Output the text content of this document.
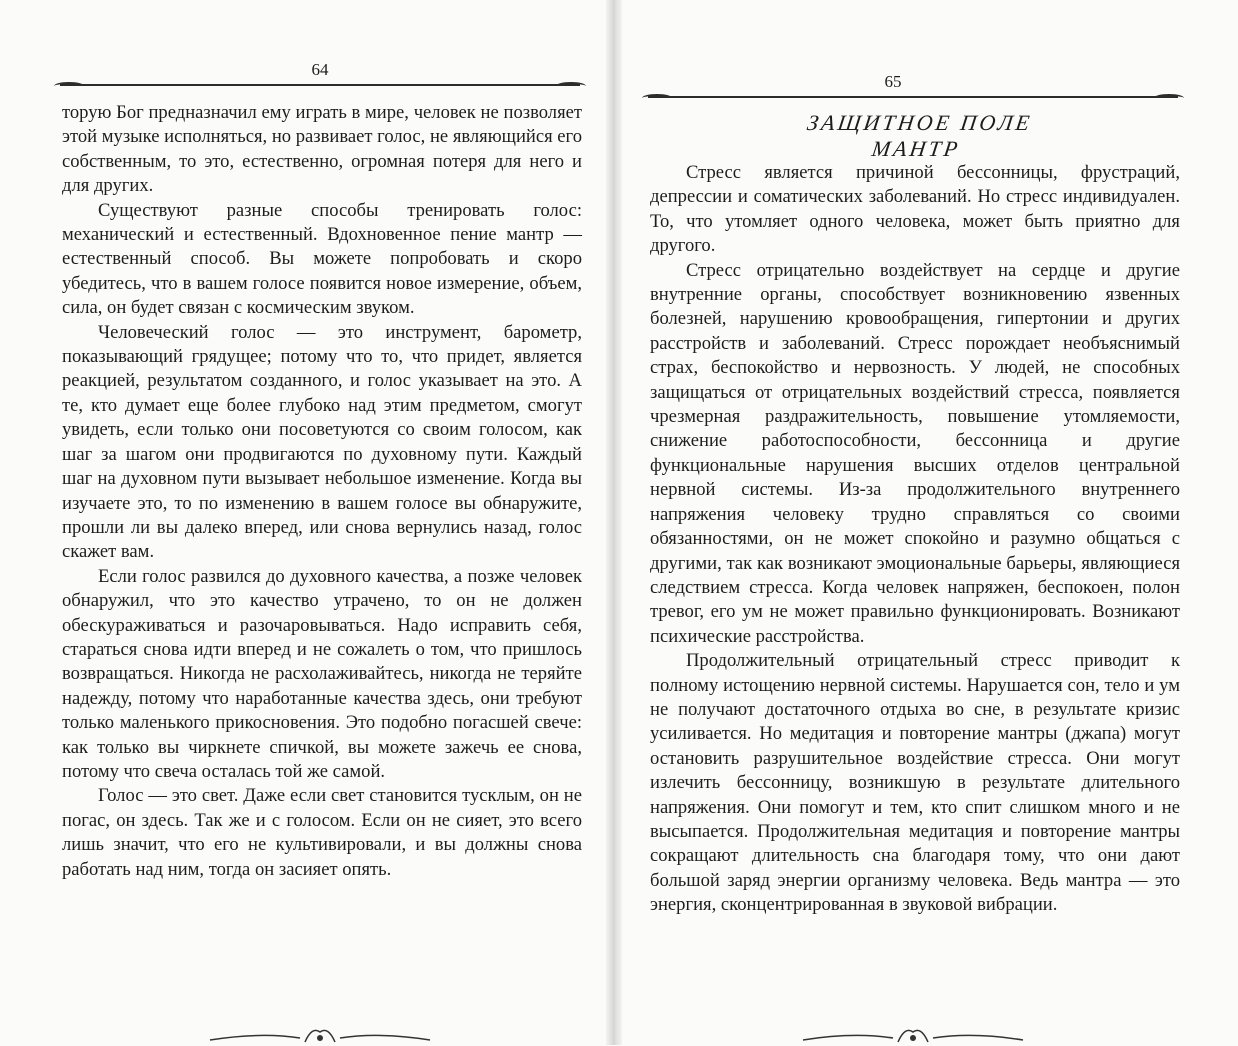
64

торую Бог предназначил ему играть в мире, человек не позволяет этой музыке исполняться, но развивает голос, не являющийся его собственным, то это, естественно, огромная потеря для него и для других.

Существуют разные способы тренировать голос: механический и естественный. Вдохновенное пение мантр — естественный способ. Вы можете попробовать и скоро убедитесь, что в вашем голосе появится новое измерение, объем, сила, он будет связан с космическим звуком.

Человеческий голос — это инструмент, барометр, показывающий грядущее; потому что то, что придет, является реакцией, результатом созданного, и голос указывает на это. А те, кто думает еще более глубоко над этим предметом, смогут увидеть, если только они посоветуются со своим голосом, как шаг за шагом они продвигаются по духовному пути. Каждый шаг на духовном пути вызывает небольшое изменение. Когда вы изучаете это, то по изменению в вашем голосе вы обнаружите, прошли ли вы далеко вперед, или снова вернулись назад, голос скажет вам.

Если голос развился до духовного качества, а позже человек обнаружил, что это качество утрачено, то он не должен обескураживаться и разочаровываться. Надо исправить себя, стараться снова идти вперед и не сожалеть о том, что пришлось возвращаться. Никогда не расхолаживайтесь, никогда не теряйте надежду, потому что наработанные качества здесь, они требуют только маленького прикосновения. Это подобно погасшей свече: как только вы чиркнете спичкой, вы можете зажечь ее снова, потому что свеча осталась той же самой.

Голос — это свет. Даже если свет становится тусклым, он не погас, он здесь. Так же и с голосом. Если он не сияет, это всего лишь значит, что его не культивировали, и вы должны снова работать над ним, тогда он засияет опять.

65
ЗАЩИТНОЕ ПОЛЕ МАНТР

Стресс является причиной бессонницы, фрустраций, депрессии и соматических заболеваний. Но стресс индивидуален. То, что утомляет одного человека, может быть приятно для другого.

Стресс отрицательно воздействует на сердце и другие внутренние органы, способствует возникновению язвенных болезней, нарушению кровообращения, гипертонии и других расстройств и заболеваний. Стресс порождает необъяснимый страх, беспокойство и нервозность. У людей, не способных защищаться от отрицательных воздействий стресса, появляется чрезмерная раздражительность, повышение утомляемости, снижение работоспособности, бессонница и другие функциональные нарушения высших отделов центральной нервной системы. Из-за продолжительного внутреннего напряжения человеку трудно справляться со своими обязанностями, он не может спокойно и разумно общаться с другими, так как возникают эмоциональные барьеры, являющиеся следствием стресса. Когда человек напряжен, беспокоен, полон тревог, его ум не может правильно функционировать. Возникают психические расстройства.

Продолжительный отрицательный стресс приводит к полному истощению нервной системы. Нарушается сон, тело и ум не получают достаточного отдыха во сне, в результате кризис усиливается. Но медитация и повторение мантры (джапа) могут остановить разрушительное воздействие стресса. Они могут излечить бессонницу, возникшую в результате длительного напряжения. Они помогут и тем, кто спит слишком много и не высыпается. Продолжительная медитация и повторение мантры сокращают длительность сна благодаря тому, что они дают большой заряд энергии организму человека. Ведь мантра — это энергия, сконцентрированная в звуковой вибрации.
